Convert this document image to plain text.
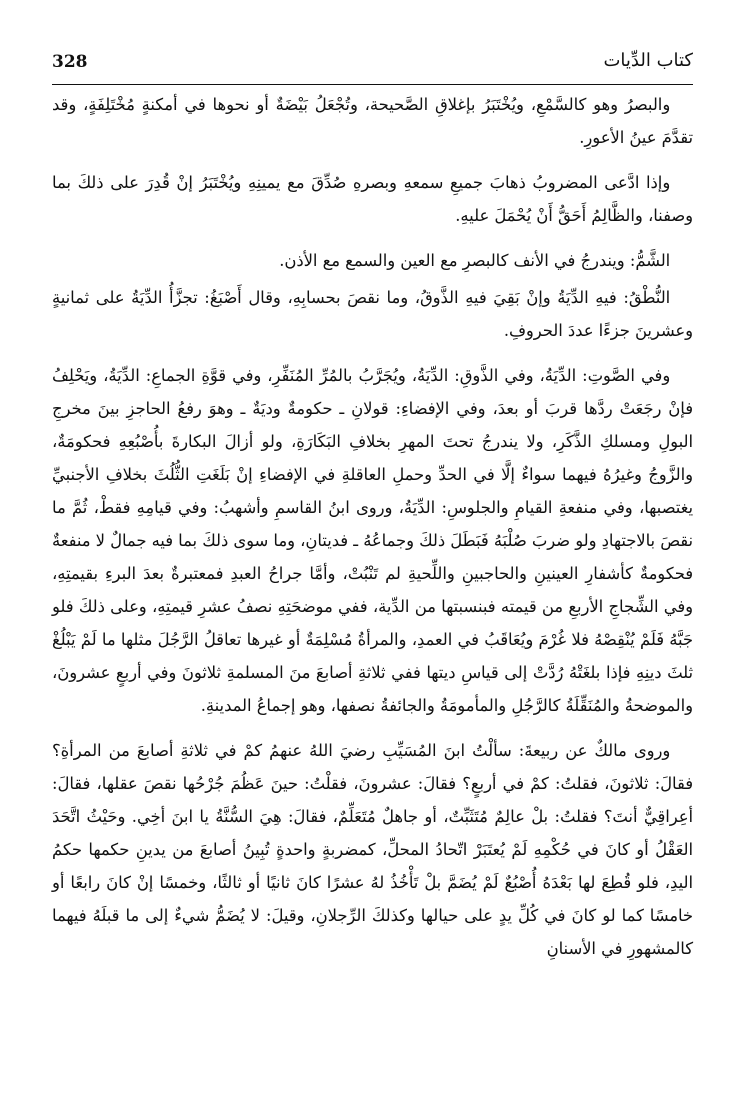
328	كتاب الدِّيات

والبصرُ وهو كالسَّمْعِ، ويُخْتَبَرُ بإغلاقِ الصَّحيحة، وتُجْعَلُ بَيْضَةٌ أو نحوها في أمكنةٍ مُخْتَلِفَةٍ، وقد تقدَّمَ عينُ الأعورِ.

وإذا ادَّعى المضروبُ ذهابَ جميعِ سمعهِ وبصرهِ صُدِّقَ مع يمينِهِ ويُخْتَبَرُ إنْ قُدِرَ على ذلكَ بما وصفنا، والظَّالِمُ أَحَقُّ أَنْ يُحْمَلَ عليهِ.

الشَّمُّ: ويندرجُ في الأنف كالبصرِ مع العين والسمع مع الأذن.

النُّطْقُ: فيهِ الدِّيَةُ وإنْ بَقِيَ فيهِ الذَّوقُ، وما نقصَ بحسابِهِ، وقال أَصْبَغُ: تجزَّأُ الدِّيَةُ على ثمانيةٍ وعشرينَ جزءًا عددَ الحروفِ.

وفي الصَّوتِ: الدِّيَةُ، وفي الذَّوقِ: الدِّيَةُ، ويُجَرَّبُ بالمُرِّ المُنَفِّرِ، وفي قوَّةِ الجماعِ: الدِّيَةُ، ويَحْلِفُ فإنْ رجَعَتْ ردَّها قربَ أو بعدَ، وفي الإفضاءِ: قولانِ ـ حكومةٌ وديَةٌ ـ وهوَ رفعُ الحاجزِ بينَ مخرجِ البولِ ومسلكِ الذَّكَرِ، ولا يندرجُ تحتَ المهرِ بخلافِ البَكَارَةِ، ولو أزالَ البكارةَ بأُصْبُعِهِ فحكومَةٌ، والزَّوجُ وغيرُهُ فيهما سواءٌ إلَّا في الحدِّ وحملِ العاقلةِ في الإفضاءِ إنْ بَلَغَتِ الثُّلُثَ بخلافِ الأجنبيِّ يغتصبها، وفي منفعةِ القيامِ والجلوسِ: الدِّيَةُ، وروى ابنُ القاسمِ وأشهبُ: وفي قيامِهِ فقطْ، ثُمَّ ما نقصَ بالاجتهادِ ولو ضربَ صُلْبَهُ فَبَطَلَ ذلكَ وجماعُهُ ـ فديتانِ، وما سوى ذلكَ بما فيه جمالٌ لا منفعةٌ فحكومةٌ كأشفارِ العينينِ والحاجبينِ واللِّحيةِ لم تَنْبُتْ، وأمَّا جراحُ العبدِ فمعتبرةٌ بعدَ البرءِ بقيمتِهِ، وفي الشِّجاجِ الأربعِ من قيمته فبنسبتها من الدِّية، ففي موضحَتِهِ نصفُ عشرِ قيمتِهِ، وعلى ذلكَ فلو جَبَّهُ فَلَمْ يُنْقِصْهُ فلا غُرْمَ ويُعَاقَبُ في العمدِ، والمرأةُ مُسْلِمَةٌ أو غيرها تعاقلُ الرَّجُلَ مثلها ما لَمْ يَبْلُغْ ثلثَ دينِهِ فإذا بلغَتْهُ رُدَّتْ إلى قياسِ ديتها ففي ثلاثةِ أصابعَ منَ المسلمةِ ثلاثونَ وفي أربعٍ عشرونَ، والموضحةُ والمُنَقِّلَةُ كالرَّجُلِ والمأمومَةُ والجائفةُ نصفها، وهو إجماعُ المدينةِ.

وروى مالكٌ عن ربيعةَ: سألْتُ ابنَ المُسَيِّبِ رضيَ اللهُ عنهمُ كمْ في ثلاثةِ أصابعَ من المرأةِ؟ فقالَ: ثلاثونَ، فقلتُ: كمْ في أربعٍ؟ فقالَ: عشرونَ، فقلْتُ: حينَ عَظُمَ جُرْحُها نقصَ عقلها، فقالَ: أعِراقِيٌّ أنتَ؟ فقلتُ: بلْ عالِمٌ مُتَثَبِّتٌ، أو جاهلٌ مُتَعَلِّمٌ، فقالَ: هِيَ السُّنَّةُ يا ابنَ أخِي. وحَيْثُ اتَّحَدَ العَقْلُ أو كانَ في حُكْمِهِ لَمْ يُعتَبَرْ اتّحادُ المحلِّ، كمضربةٍ واحدةٍ تُبِينُ أصابعَ من يدينِ حكمها حكمُ اليدِ، فلو قُطِعَ لها بَعْدَهُ أُصْبُعٌ لَمْ يُضَمَّ بلْ تَأْخُذُ لهُ عشرًا كانَ ثانيًا أو ثالثًا، وخمسًا إنْ كانَ رابعًا أو خامسًا كما لو كانَ في كُلِّ يدٍ على حيالها وكذلكَ الرِّجلانِ، وقيلَ: لا يُضَمُّ شيءٌ إلى ما قبلَهُ فيهما كالمشهورِ في الأسنانِ
